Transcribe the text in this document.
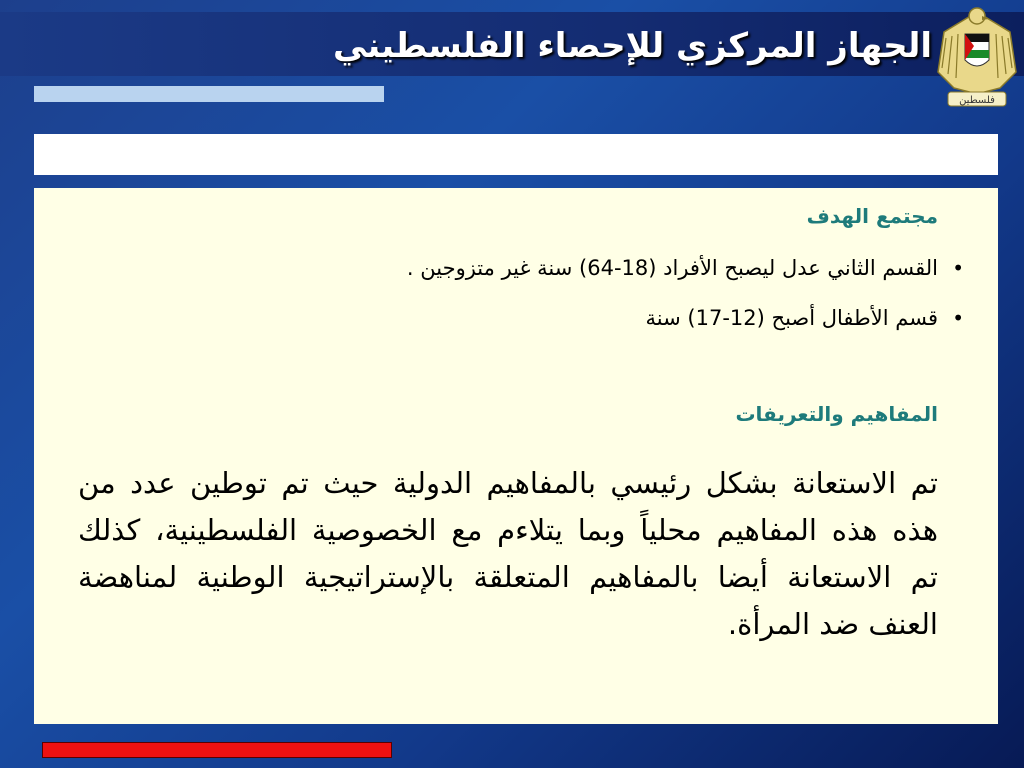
الجهاز المركزي للإحصاء الفلسطيني
فلسطين
مجتمع الهدف
•
القسم الثاني عدل ليصبح الأفراد (18-64) سنة غير متزوجين .
•
قسم الأطفال أصبح (12-17) سنة
المفاهيم والتعريفات
تم الاستعانة بشكل رئيسي بالمفاهيم الدولية حيث تم توطين عدد من
هذه هذه المفاهيم محلياً وبما يتلاءم مع الخصوصية الفلسطينية، كذلك
تم الاستعانة أيضا بالمفاهيم المتعلقة بالإستراتيجية الوطنية لمناهضة
العنف ضد المرأة.
